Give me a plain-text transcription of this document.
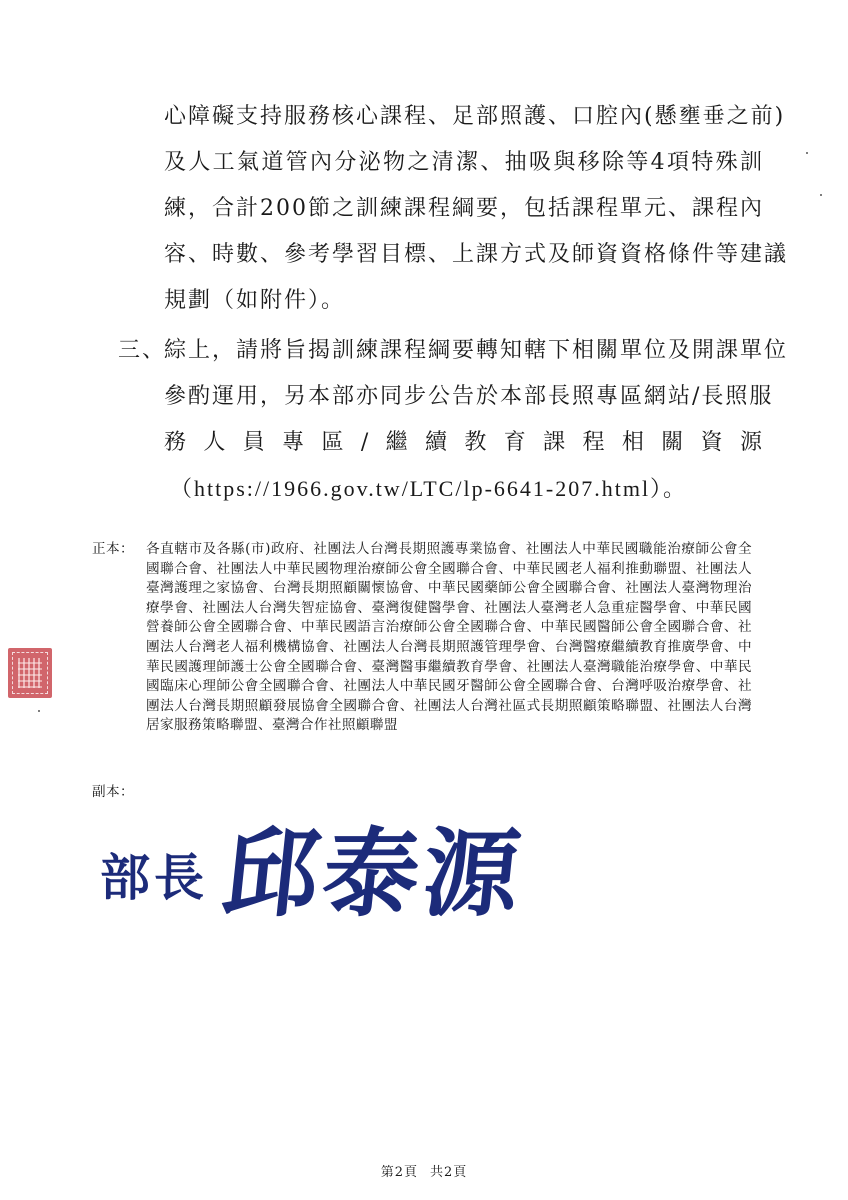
心障礙支持服務核心課程、足部照護、口腔內(懸壅垂之前)
及人工氣道管內分泌物之清潔、抽吸與移除等4項特殊訓
練，合計200節之訓練課程綱要，包括課程單元、課程內
容、時數、參考學習目標、上課方式及師資資格條件等建議
規劃（如附件）。
三、
綜上，請將旨揭訓練課程綱要轉知轄下相關單位及開課單位
參酌運用，另本部亦同步公告於本部長照專區網站/長照服
務人員專區/繼續教育課程相關資源
（https://1966.gov.tw/LTC/lp-6641-207.html）。
正本： 各直轄市及各縣(市)政府、社團法人台灣長期照護專業協會、社團法人中華民國職能治療師公會全國聯合會、社團法人中華民國物理治療師公會全國聯合會、中華民國老人福利推動聯盟、社團法人臺灣護理之家協會、台灣長期照顧關懷協會、中華民國藥師公會全國聯合會、社團法人臺灣物理治療學會、社團法人台灣失智症協會、臺灣復健醫學會、社團法人臺灣老人急重症醫學會、中華民國營養師公會全國聯合會、中華民國語言治療師公會全國聯合會、中華民國醫師公會全國聯合會、社團法人台灣老人福利機構協會、社團法人台灣長期照護管理學會、台灣醫療繼續教育推廣學會、中華民國護理師護士公會全國聯合會、臺灣醫事繼續教育學會、社團法人臺灣職能治療學會、中華民國臨床心理師公會全國聯合會、社團法人中華民國牙醫師公會全國聯合會、台灣呼吸治療學會、社團法人台灣長期照顧發展協會全國聯合會、社團法人台灣社區式長期照顧策略聯盟、社團法人台灣居家服務策略聯盟、臺灣合作社照顧聯盟
副本：
部長 邱泰源
第2頁 共2頁
